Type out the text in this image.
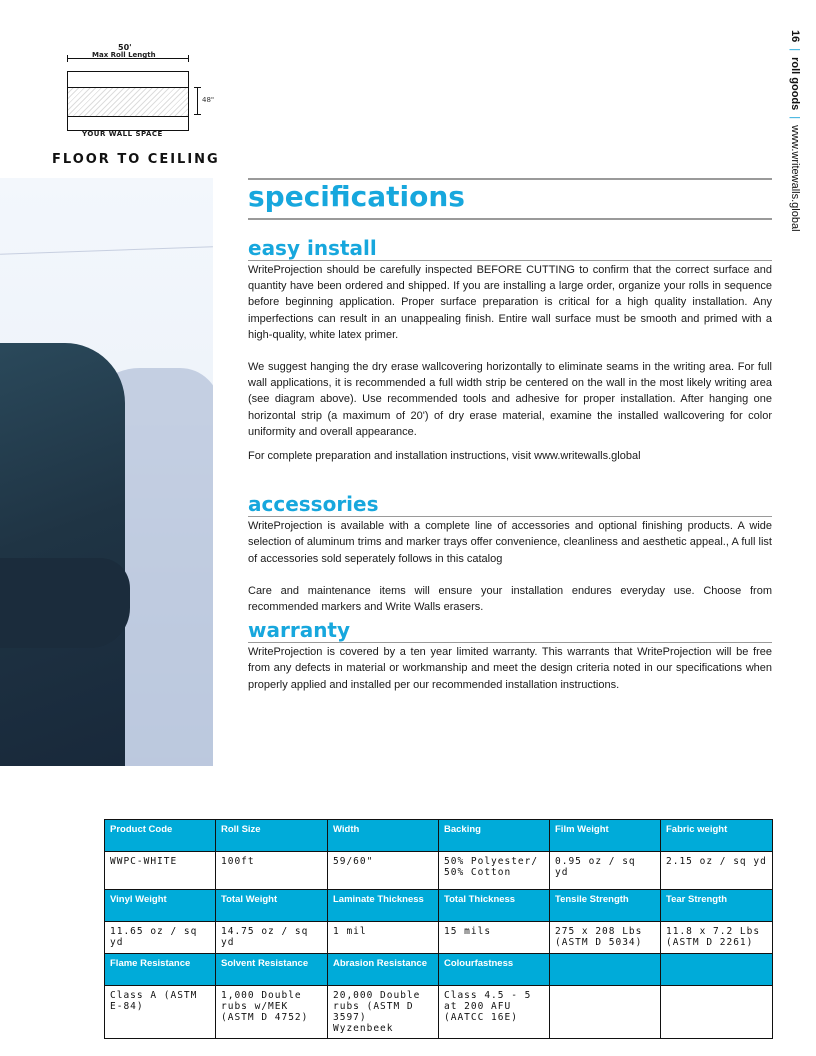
50'
Max Roll Length
48"
YOUR WALL SPACE
FLOOR TO CEILING
16|roll goods|www.writewalls.global
specifications
easy install

WriteProjection should be carefully inspected BEFORE CUTTING to confirm that the correct surface and quantity have been ordered and shipped. If you are installing a large order, organize your rolls in sequence before beginning application. Proper surface preparation is critical for a high quality installation. Any imperfections can result in an unappealing finish. Entire wall surface must be smooth and primed with a high-quality, white latex primer.

We suggest hanging the dry erase wallcovering horizontally to eliminate seams in the writing area. For full wall applications, it is recommended a full width strip be centered on the wall in the most likely writing area (see diagram above). Use recommended tools and adhesive for proper installation. After hanging one horizontal strip (a maximum of 20') of dry erase material, examine the installed wallcovering for color uniformity and overall appearance.

For complete preparation and installation instructions, visit www.writewalls.global

accessories

WriteProjection is available with a complete line of accessories and optional finishing products. A wide selection of aluminum trims and marker trays offer convenience, cleanliness and aesthetic appeal., A full list of accessories sold seperately follows in this catalog

Care and maintenance items will ensure your installation endures everyday use. Choose from recommended markers and Write Walls erasers.

warranty

WriteProjection is covered by a ten year limited warranty. This warrants that WriteProjection will be free from any defects in material or workmanship and meet the design criteria noted in our specifications when properly applied and installed per our recommended installation instructions.

Product Code	Roll Size	Width	Backing	Film Weight	Fabric weight
WWPC-WHITE	100ft	59/60"	50% Polyester/ 50% Cotton	0.95 oz / sq yd	2.15 oz / sq yd
Vinyl Weight	Total Weight	Laminate Thickness	Total Thickness	Tensile Strength	Tear Strength
11.65 oz / sq yd	14.75 oz / sq yd	1 mil	15 mils	275 x 208 Lbs (ASTM D 5034)	11.8 x 7.2 Lbs (ASTM D 2261)
Flame Resistance	Solvent Resistance	Abrasion Resistance	Colourfastness		
Class A (ASTM E-84)	1,000 Double rubs w/MEK (ASTM D 4752)	20,000 Double rubs (ASTM D 3597) Wyzenbeek	Class 4.5 - 5 at 200 AFU (AATCC 16E)		
